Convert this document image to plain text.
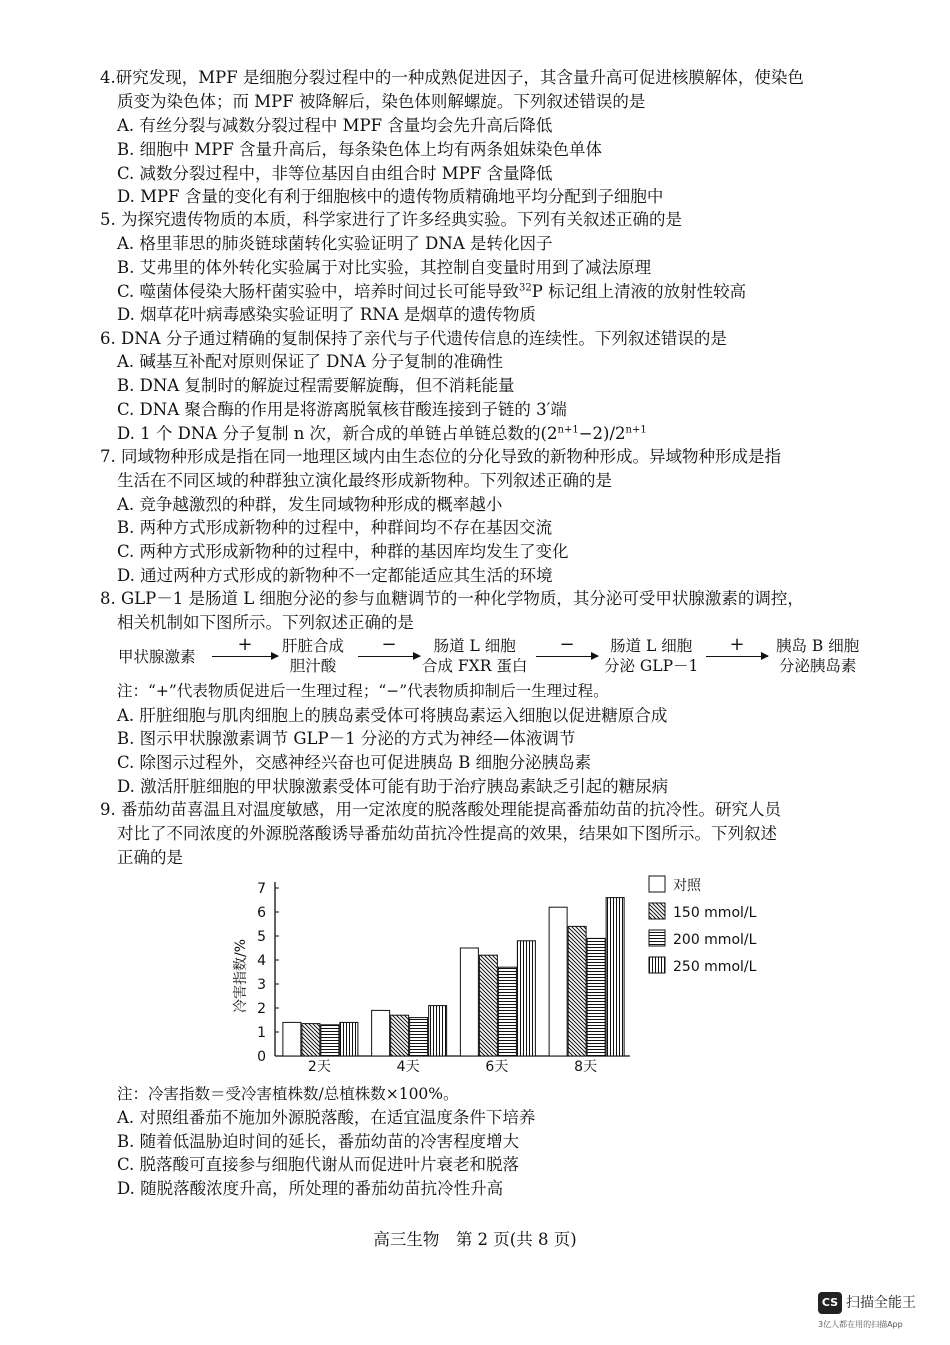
4.研究发现，MPF 是细胞分裂过程中的一种成熟促进因子，其含量升高可促进核膜解体，使染色
质变为染色体；而 MPF 被降解后，染色体则解螺旋。下列叙述错误的是
A. 有丝分裂与减数分裂过程中 MPF 含量均会先升高后降低
B. 细胞中 MPF 含量升高后，每条染色体上均有两条姐妹染色单体
C. 减数分裂过程中，非等位基因自由组合时 MPF 含量降低
D. MPF 含量的变化有利于细胞核中的遗传物质精确地平均分配到子细胞中
5. 为探究遗传物质的本质，科学家进行了许多经典实验。下列有关叙述正确的是
A. 格里菲思的肺炎链球菌转化实验证明了 DNA 是转化因子
B. 艾弗里的体外转化实验属于对比实验，其控制自变量时用到了减法原理
C. 噬菌体侵染大肠杆菌实验中，培养时间过长可能导致$^{32}$P 标记组上清液的放射性较高
D. 烟草花叶病毒感染实验证明了 RNA 是烟草的遗传物质
6. DNA 分子通过精确的复制保持了亲代与子代遗传信息的连续性。下列叙述错误的是
A. 碱基互补配对原则保证了 DNA 分子复制的准确性
B. DNA 复制时的解旋过程需要解旋酶，但不消耗能量
C. DNA 聚合酶的作用是将游离脱氧核苷酸连接到子链的 3′端
D. 1 个 DNA 分子复制 n 次，新合成的单链占单链总数的$(2^{n+1}-2)/2^{n+1}$
7. 同域物种形成是指在同一地理区域内由生态位的分化导致的新物种形成。异域物种形成是指
生活在不同区域的种群独立演化最终形成新物种。下列叙述正确的是
A. 竞争越激烈的种群，发生同域物种形成的概率越小
B. 两种方式形成新物种的过程中，种群间均不存在基因交流
C. 两种方式形成新物种的过程中，种群的基因库均发生了变化
D. 通过两种方式形成的新物种不一定都能适应其生活的环境
8. GLP－1 是肠道 L 细胞分泌的参与血糖调节的一种化学物质，其分泌可受甲状腺激素的调控，
相关机制如下图所示。下列叙述正确的是
甲状腺激素
+ 肝脏合成
胆汁酸
−	肠道 L 细胞
合成 FXR 蛋白
−	肠道 L 细胞
分泌 GLP－1
+ 胰岛 B 细胞
分泌胰岛素
注：“+”代表物质促进后一生理过程；“−”代表物质抑制后一生理过程。
A. 肝脏细胞与肌肉细胞上的胰岛素受体可将胰岛素运入细胞以促进糖原合成
B. 图示甲状腺激素调节 GLP－1 分泌的方式为神经—体液调节
C. 除图示过程外，交感神经兴奋也可促进胰岛 B 细胞分泌胰岛素
D. 激活肝脏细胞的甲状腺激素受体可能有助于治疗胰岛素缺乏引起的糖尿病
9. 番茄幼苗喜温且对温度敏感，用一定浓度的脱落酸处理能提高番茄幼苗的抗冷性。研究人员
对比了不同浓度的外源脱落酸诱导番茄幼苗抗冷性提高的效果，结果如下图所示。下列叙述
正确的是
0
1
2
3
4
5
6
7
冷害指数/%
2天	4天	6天	8天
对照
150 mmol/L
200 mmol/L
250 mmol/L
注：冷害指数＝受冷害植株数/总植株数×100%。
A. 对照组番茄不施加外源脱落酸，在适宜温度条件下培养
B. 随着低温胁迫时间的延长，番茄幼苗的冷害程度增大
C. 脱落酸可直接参与细胞代谢从而促进叶片衰老和脱落
D. 随脱落酸浓度升高，所处理的番茄幼苗抗冷性升高
高三生物　第 2 页(共 8 页)
CS 扫描全能王
3亿人都在用的扫描App
